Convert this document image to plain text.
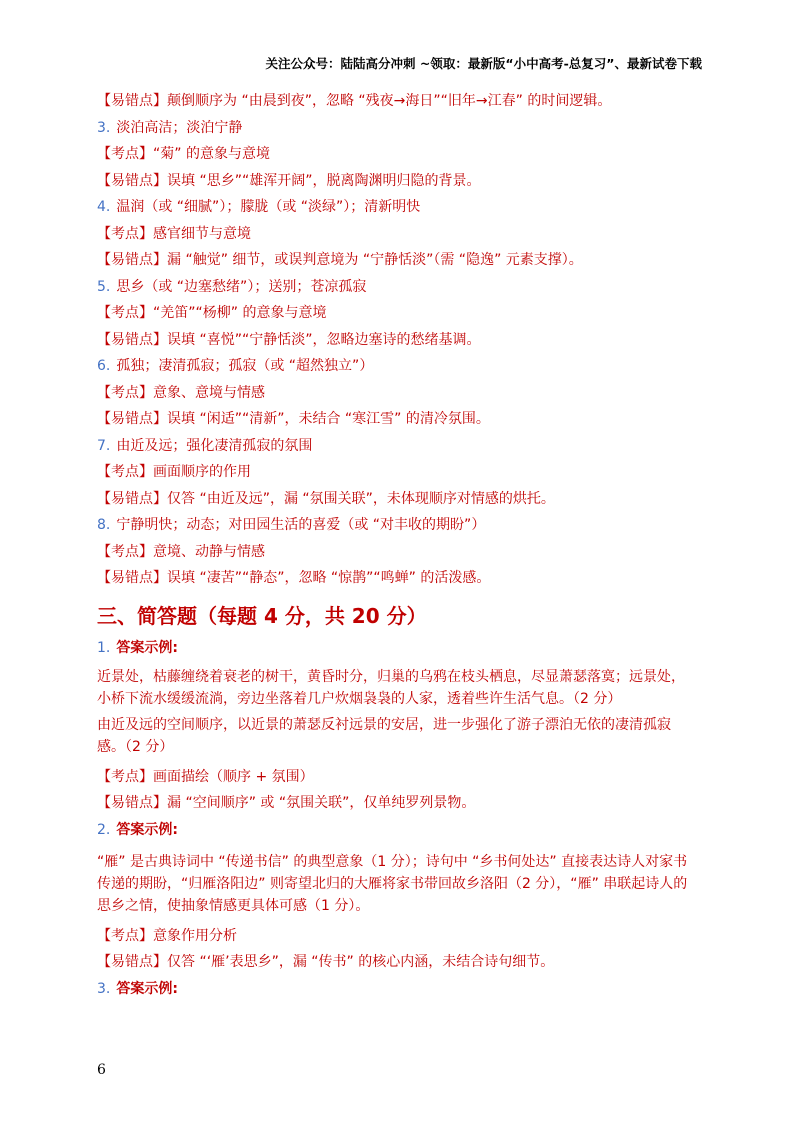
关注公众号：陆陆高分冲刺 ~领取：最新版“小中高考-总复习”、最新试卷下载
【易错点】颠倒顺序为 “由晨到夜”，忽略 “残夜→海日”“旧年→江春” 的时间逻辑。
3. 淡泊高洁；淡泊宁静
【考点】“菊” 的意象与意境
【易错点】误填 “思乡”“雄浑开阔”，脱离陶渊明归隐的背景。
4. 温润（或 “细腻”）；朦胧（或 “淡绿”）；清新明快
【考点】感官细节与意境
【易错点】漏 “触觉” 细节，或误判意境为 “宁静恬淡”（需 “隐逸” 元素支撑）。
5. 思乡（或 “边塞愁绪”）；送别；苍凉孤寂
【考点】“羌笛”“杨柳” 的意象与意境
【易错点】误填 “喜悦”“宁静恬淡”，忽略边塞诗的愁绪基调。
6. 孤独；凄清孤寂；孤寂（或 “超然独立”）
【考点】意象、意境与情感
【易错点】误填 “闲适”“清新”，未结合 “寒江雪” 的清冷氛围。
7. 由近及远；强化凄清孤寂的氛围
【考点】画面顺序的作用
【易错点】仅答 “由近及远”，漏 “氛围关联”，未体现顺序对情感的烘托。
8. 宁静明快；动态；对田园生活的喜爱（或 “对丰收的期盼”）
【考点】意境、动静与情感
【易错点】误填 “凄苦”“静态”，忽略 “惊鹊”“鸣蝉” 的活泼感。
三、简答题（每题 4 分，共 20 分）
1. 答案示例:

近景处，枯藤缠绕着衰老的树干，黄昏时分，归巢的乌鸦在枝头栖息，尽显萧瑟落寞；远景处，小桥下流水缓缓流淌，旁边坐落着几户炊烟袅袅的人家，透着些许生活气息。（2 分）

由近及远的空间顺序，以近景的萧瑟反衬远景的安居，进一步强化了游子漂泊无依的凄清孤寂感。（2 分）

【考点】画面描绘（顺序 + 氛围）
【易错点】漏 “空间顺序” 或 “氛围关联”，仅单纯罗列景物。
2. 答案示例:

“雁” 是古典诗词中 “传递书信” 的典型意象（1 分）；诗句中 “乡书何处达” 直接表达诗人对家书传递的期盼，“归雁洛阳边” 则寄望北归的大雁将家书带回故乡洛阳（2 分），“雁” 串联起诗人的思乡之情，使抽象情感更具体可感（1 分）。

【考点】意象作用分析
【易错点】仅答 “‘雁’表思乡”，漏 “传书” 的核心内涵，未结合诗句细节。
3. 答案示例:
6
